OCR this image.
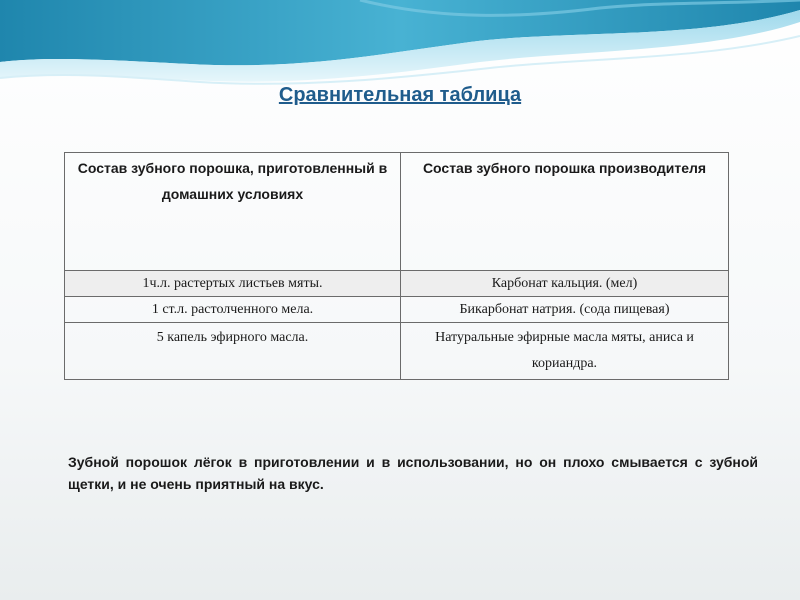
Сравнительная таблица
Состав зубного порошка, приготовленный в домашних условиях	Состав зубного порошка производителя
1ч.л. растертых листьев мяты.	Карбонат кальция. (мел)
1 ст.л. растолченного мела.	Бикарбонат натрия. (сода пищевая)
5 капель эфирного масла.	Натуральные эфирные масла мяты, аниса и кориандра.
Зубной порошок лёгок в приготовлении и в использовании, но он плохо смывается с зубной щетки, и не очень приятный на вкус.
